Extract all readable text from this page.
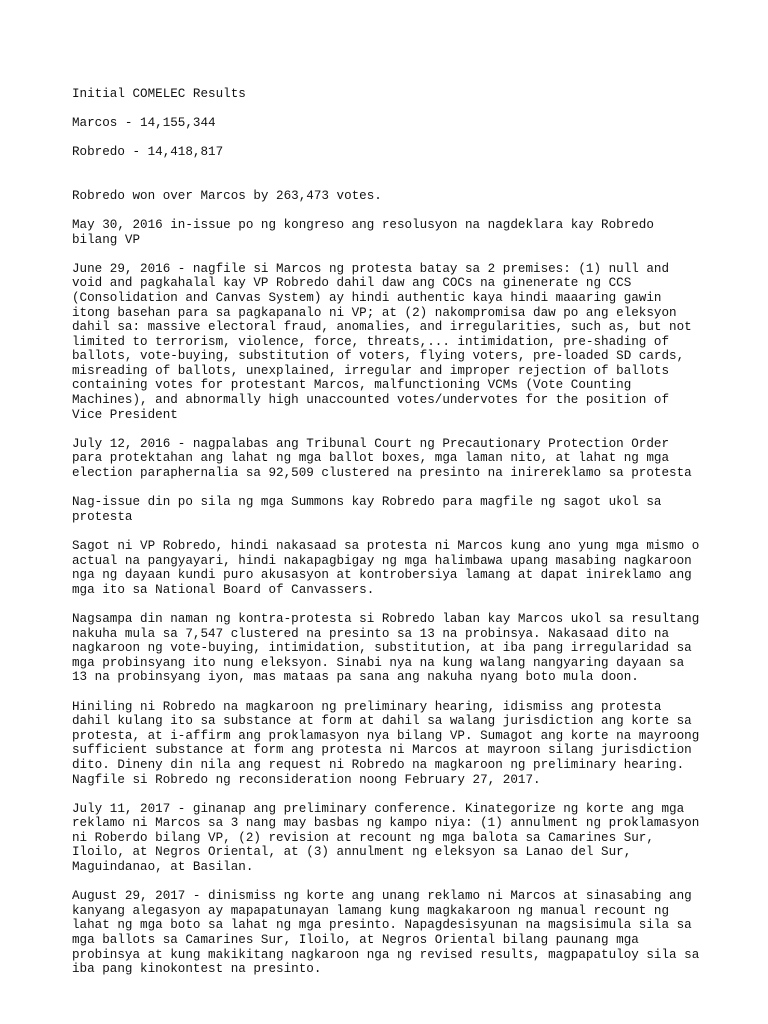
Initial COMELEC Results

Marcos - 14,155,344

Robredo - 14,418,817

Robredo won over Marcos by 263,473 votes.

May 30, 2016 in-issue po ng kongreso ang resolusyon na nagdeklara kay Robredo
bilang VP

June 29, 2016 - nagfile si Marcos ng protesta batay sa 2 premises: (1) null and
void and pagkahalal kay VP Robredo dahil daw ang COCs na ginenerate ng CCS
(Consolidation and Canvas System) ay hindi authentic kaya hindi maaaring gawin
itong basehan para sa pagkapanalo ni VP; at (2) nakompromisa daw po ang eleksyon
dahil sa: massive electoral fraud, anomalies, and irregularities, such as, but not
limited to terrorism, violence, force, threats,... intimidation, pre-shading of
ballots, vote-buying, substitution of voters, flying voters, pre-loaded SD cards,
misreading of ballots, unexplained, irregular and improper rejection of ballots
containing votes for protestant Marcos, malfunctioning VCMs (Vote Counting
Machines), and abnormally high unaccounted votes/undervotes for the position of
Vice President

July 12, 2016 - nagpalabas ang Tribunal Court ng Precautionary Protection Order
para protektahan ang lahat ng mga ballot boxes, mga laman nito, at lahat ng mga
election paraphernalia sa 92,509 clustered na presinto na inirereklamo sa protesta

Nag-issue din po sila ng mga Summons kay Robredo para magfile ng sagot ukol sa
protesta

Sagot ni VP Robredo, hindi nakasaad sa protesta ni Marcos kung ano yung mga mismo o
actual na pangyayari, hindi nakapagbigay ng mga halimbawa upang masabing nagkaroon
nga ng dayaan kundi puro akusasyon at kontrobersiya lamang at dapat inireklamo ang
mga ito sa National Board of Canvassers.

Nagsampa din naman ng kontra-protesta si Robredo laban kay Marcos ukol sa resultang
nakuha mula sa 7,547 clustered na presinto sa 13 na probinsya. Nakasaad dito na
nagkaroon ng vote-buying, intimidation, substitution, at iba pang irregularidad sa
mga probinsyang ito nung eleksyon. Sinabi nya na kung walang nangyaring dayaan sa
13 na probinsyang iyon, mas mataas pa sana ang nakuha nyang boto mula doon.

Hiniling ni Robredo na magkaroon ng preliminary hearing, idismiss ang protesta
dahil kulang ito sa substance at form at dahil sa walang jurisdiction ang korte sa
protesta, at i-affirm ang proklamasyon nya bilang VP. Sumagot ang korte na mayroong
sufficient substance at form ang protesta ni Marcos at mayroon silang jurisdiction
dito. Dineny din nila ang request ni Robredo na magkaroon ng preliminary hearing.
Nagfile si Robredo ng reconsideration noong February 27, 2017.

July 11, 2017 - ginanap ang preliminary conference. Kinategorize ng korte ang mga
reklamo ni Marcos sa 3 nang may basbas ng kampo niya: (1) annulment ng proklamasyon
ni Roberdo bilang VP, (2) revision at recount ng mga balota sa Camarines Sur,
Iloilo, at Negros Oriental, at (3) annulment ng eleksyon sa Lanao del Sur,
Maguindanao, at Basilan.

August 29, 2017 - dinismiss ng korte ang unang reklamo ni Marcos at sinasabing ang
kanyang alegasyon ay mapapatunayan lamang kung magkakaroon ng manual recount ng
lahat ng mga boto sa lahat ng mga presinto. Napagdesisyunan na magsisimula sila sa
mga ballots sa Camarines Sur, Iloilo, at Negros Oriental bilang paunang mga
probinsya at kung makikitang nagkaroon nga ng revised results, magpapatuloy sila sa
iba pang kinokontest na presinto.
